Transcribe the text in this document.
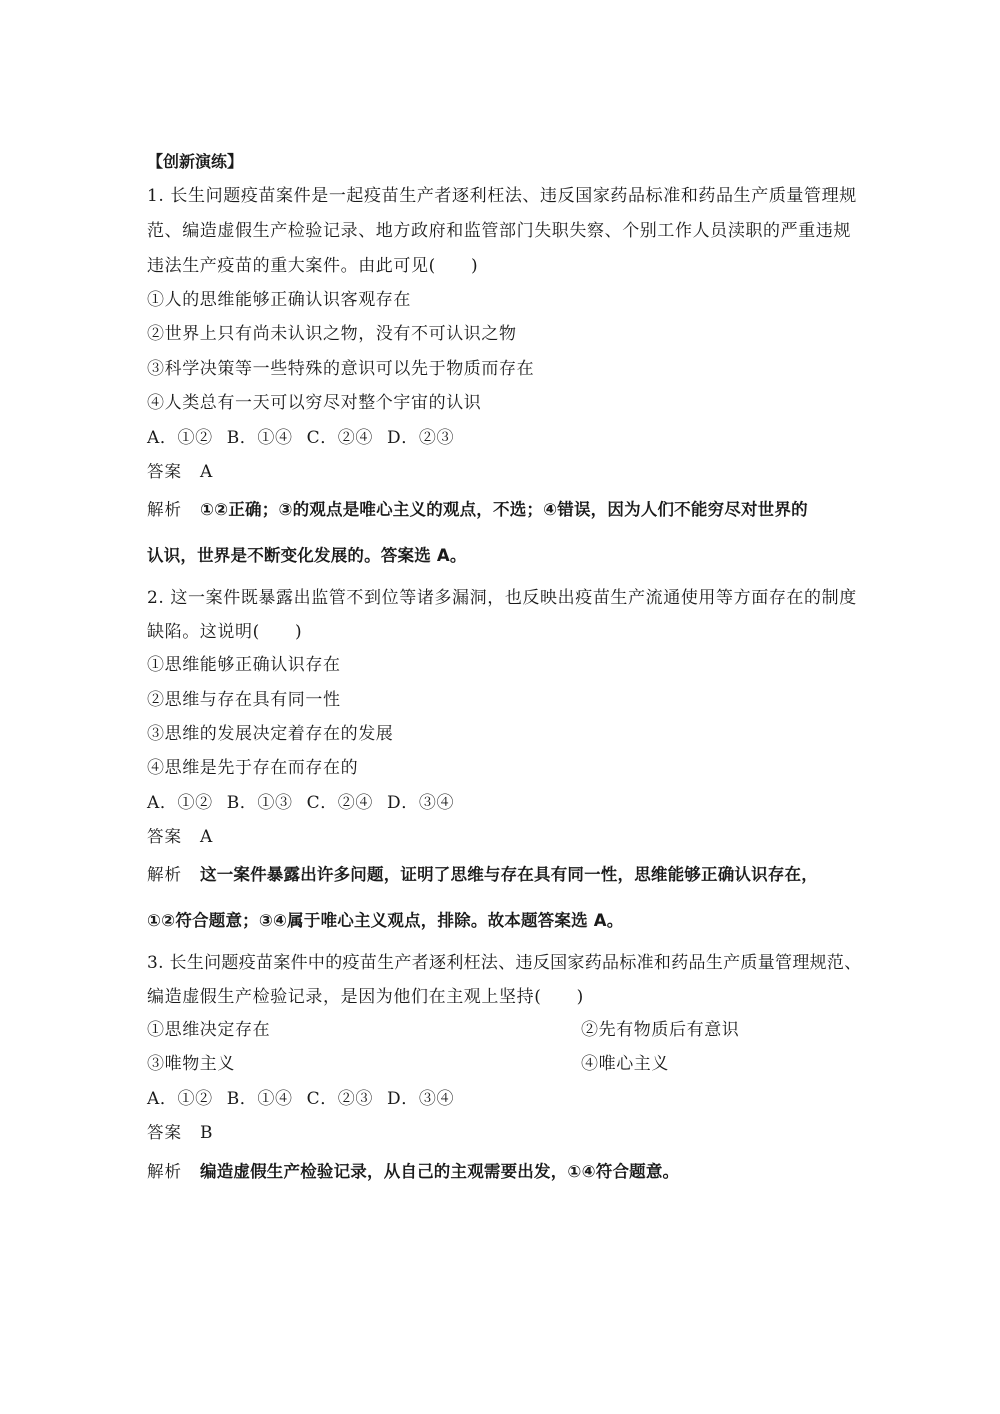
【创新演练】
1. 长生问题疫苗案件是一起疫苗生产者逐利枉法、违反国家药品标准和药品生产质量管理规
范、编造虚假生产检验记录、地方政府和监管部门失职失察、个别工作人员渎职的严重违规
违法生产疫苗的重大案件。由此可见(　　)
①人的思维能够正确认识客观存在
②世界上只有尚未认识之物，没有不可认识之物
③科学决策等一些特殊的意识可以先于物质而存在
④人类总有一天可以穷尽对整个宇宙的认识
A．①② B．①④ C．②④ D．②③
答案 A
解析 ①②正确；③的观点是唯心主义的观点，不选；④错误，因为人们不能穷尽对世界的
认识，世界是不断变化发展的。答案选 A。
2. 这一案件既暴露出监管不到位等诸多漏洞，也反映出疫苗生产流通使用等方面存在的制度
缺陷。这说明(　　)
①思维能够正确认识存在
②思维与存在具有同一性
③思维的发展决定着存在的发展
④思维是先于存在而存在的
A．①② B．①③ C．②④ D．③④
答案 A
解析 这一案件暴露出许多问题，证明了思维与存在具有同一性，思维能够正确认识存在，
①②符合题意；③④属于唯心主义观点，排除。故本题答案选 A。
3. 长生问题疫苗案件中的疫苗生产者逐利枉法、违反国家药品标准和药品生产质量管理规范、
编造虚假生产检验记录，是因为他们在主观上坚持(　　)
①思维决定存在	②先有物质后有意识
③唯物主义	④唯心主义
A．①② B．①④ C．②③ D．③④
答案 B
解析 编造虚假生产检验记录，从自己的主观需要出发，①④符合题意。
